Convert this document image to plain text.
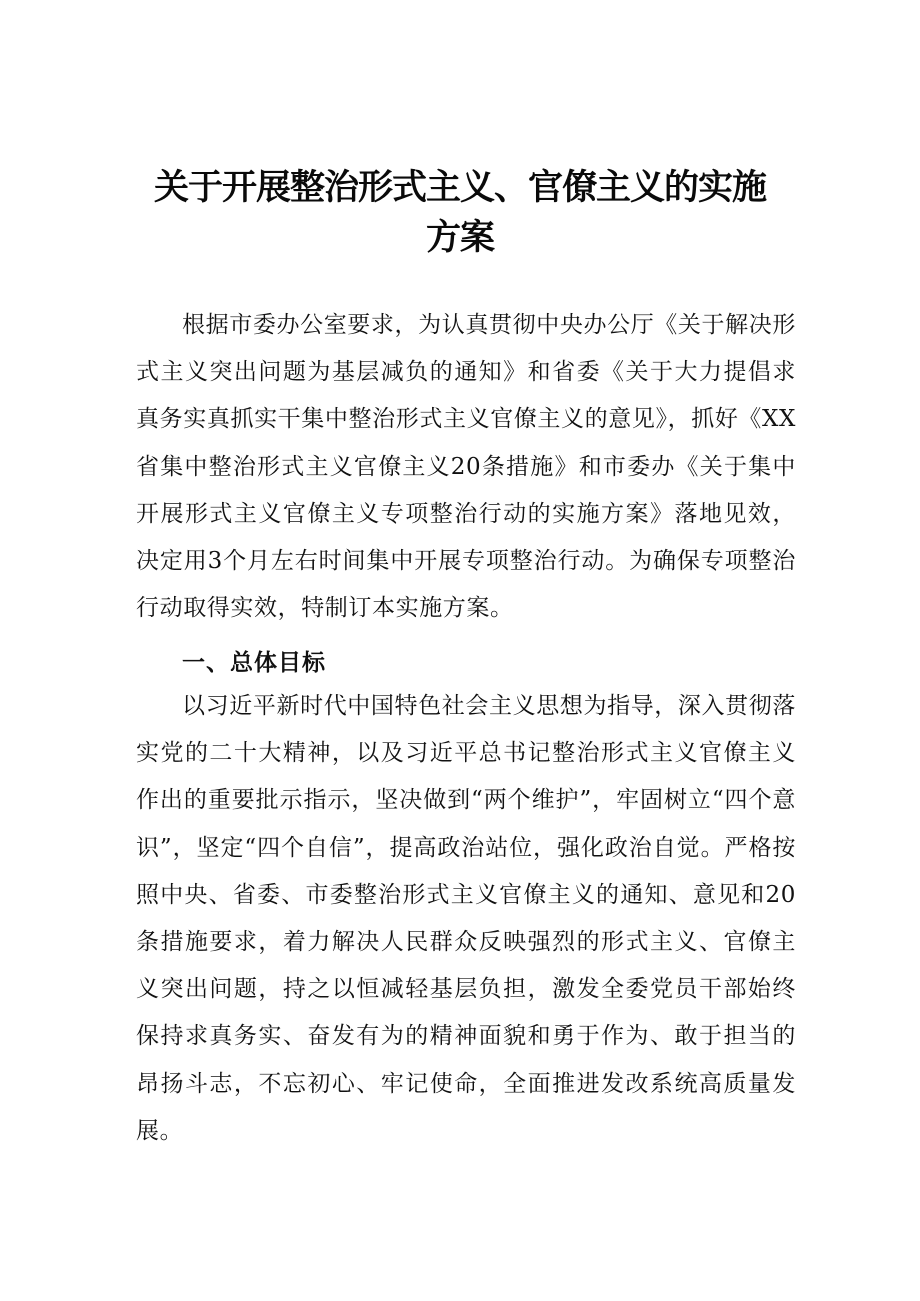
关于开展整治形式主义、官僚主义的实施
方案

根据市委办公室要求，为认真贯彻中央办公厅《关于解决形式主义突出问题为基层减负的通知》和省委《关于大力提倡求真务实真抓实干集中整治形式主义官僚主义的意见》，抓好《XX省集中整治形式主义官僚主义20条措施》和市委办《关于集中开展形式主义官僚主义专项整治行动的实施方案》落地见效，决定用3个月左右时间集中开展专项整治行动。为确保专项整治行动取得实效，特制订本实施方案。

一、总体目标

以习近平新时代中国特色社会主义思想为指导，深入贯彻落实党的二十大精神，以及习近平总书记整治形式主义官僚主义作出的重要批示指示，坚决做到“两个维护”，牢固树立“四个意识”，坚定“四个自信”，提高政治站位，强化政治自觉。严格按照中央、省委、市委整治形式主义官僚主义的通知、意见和20条措施要求，着力解决人民群众反映强烈的形式主义、官僚主义突出问题，持之以恒减轻基层负担，激发全委党员干部始终保持求真务实、奋发有为的精神面貌和勇于作为、敢于担当的昂扬斗志，不忘初心、牢记使命，全面推进发改系统高质量发展。
